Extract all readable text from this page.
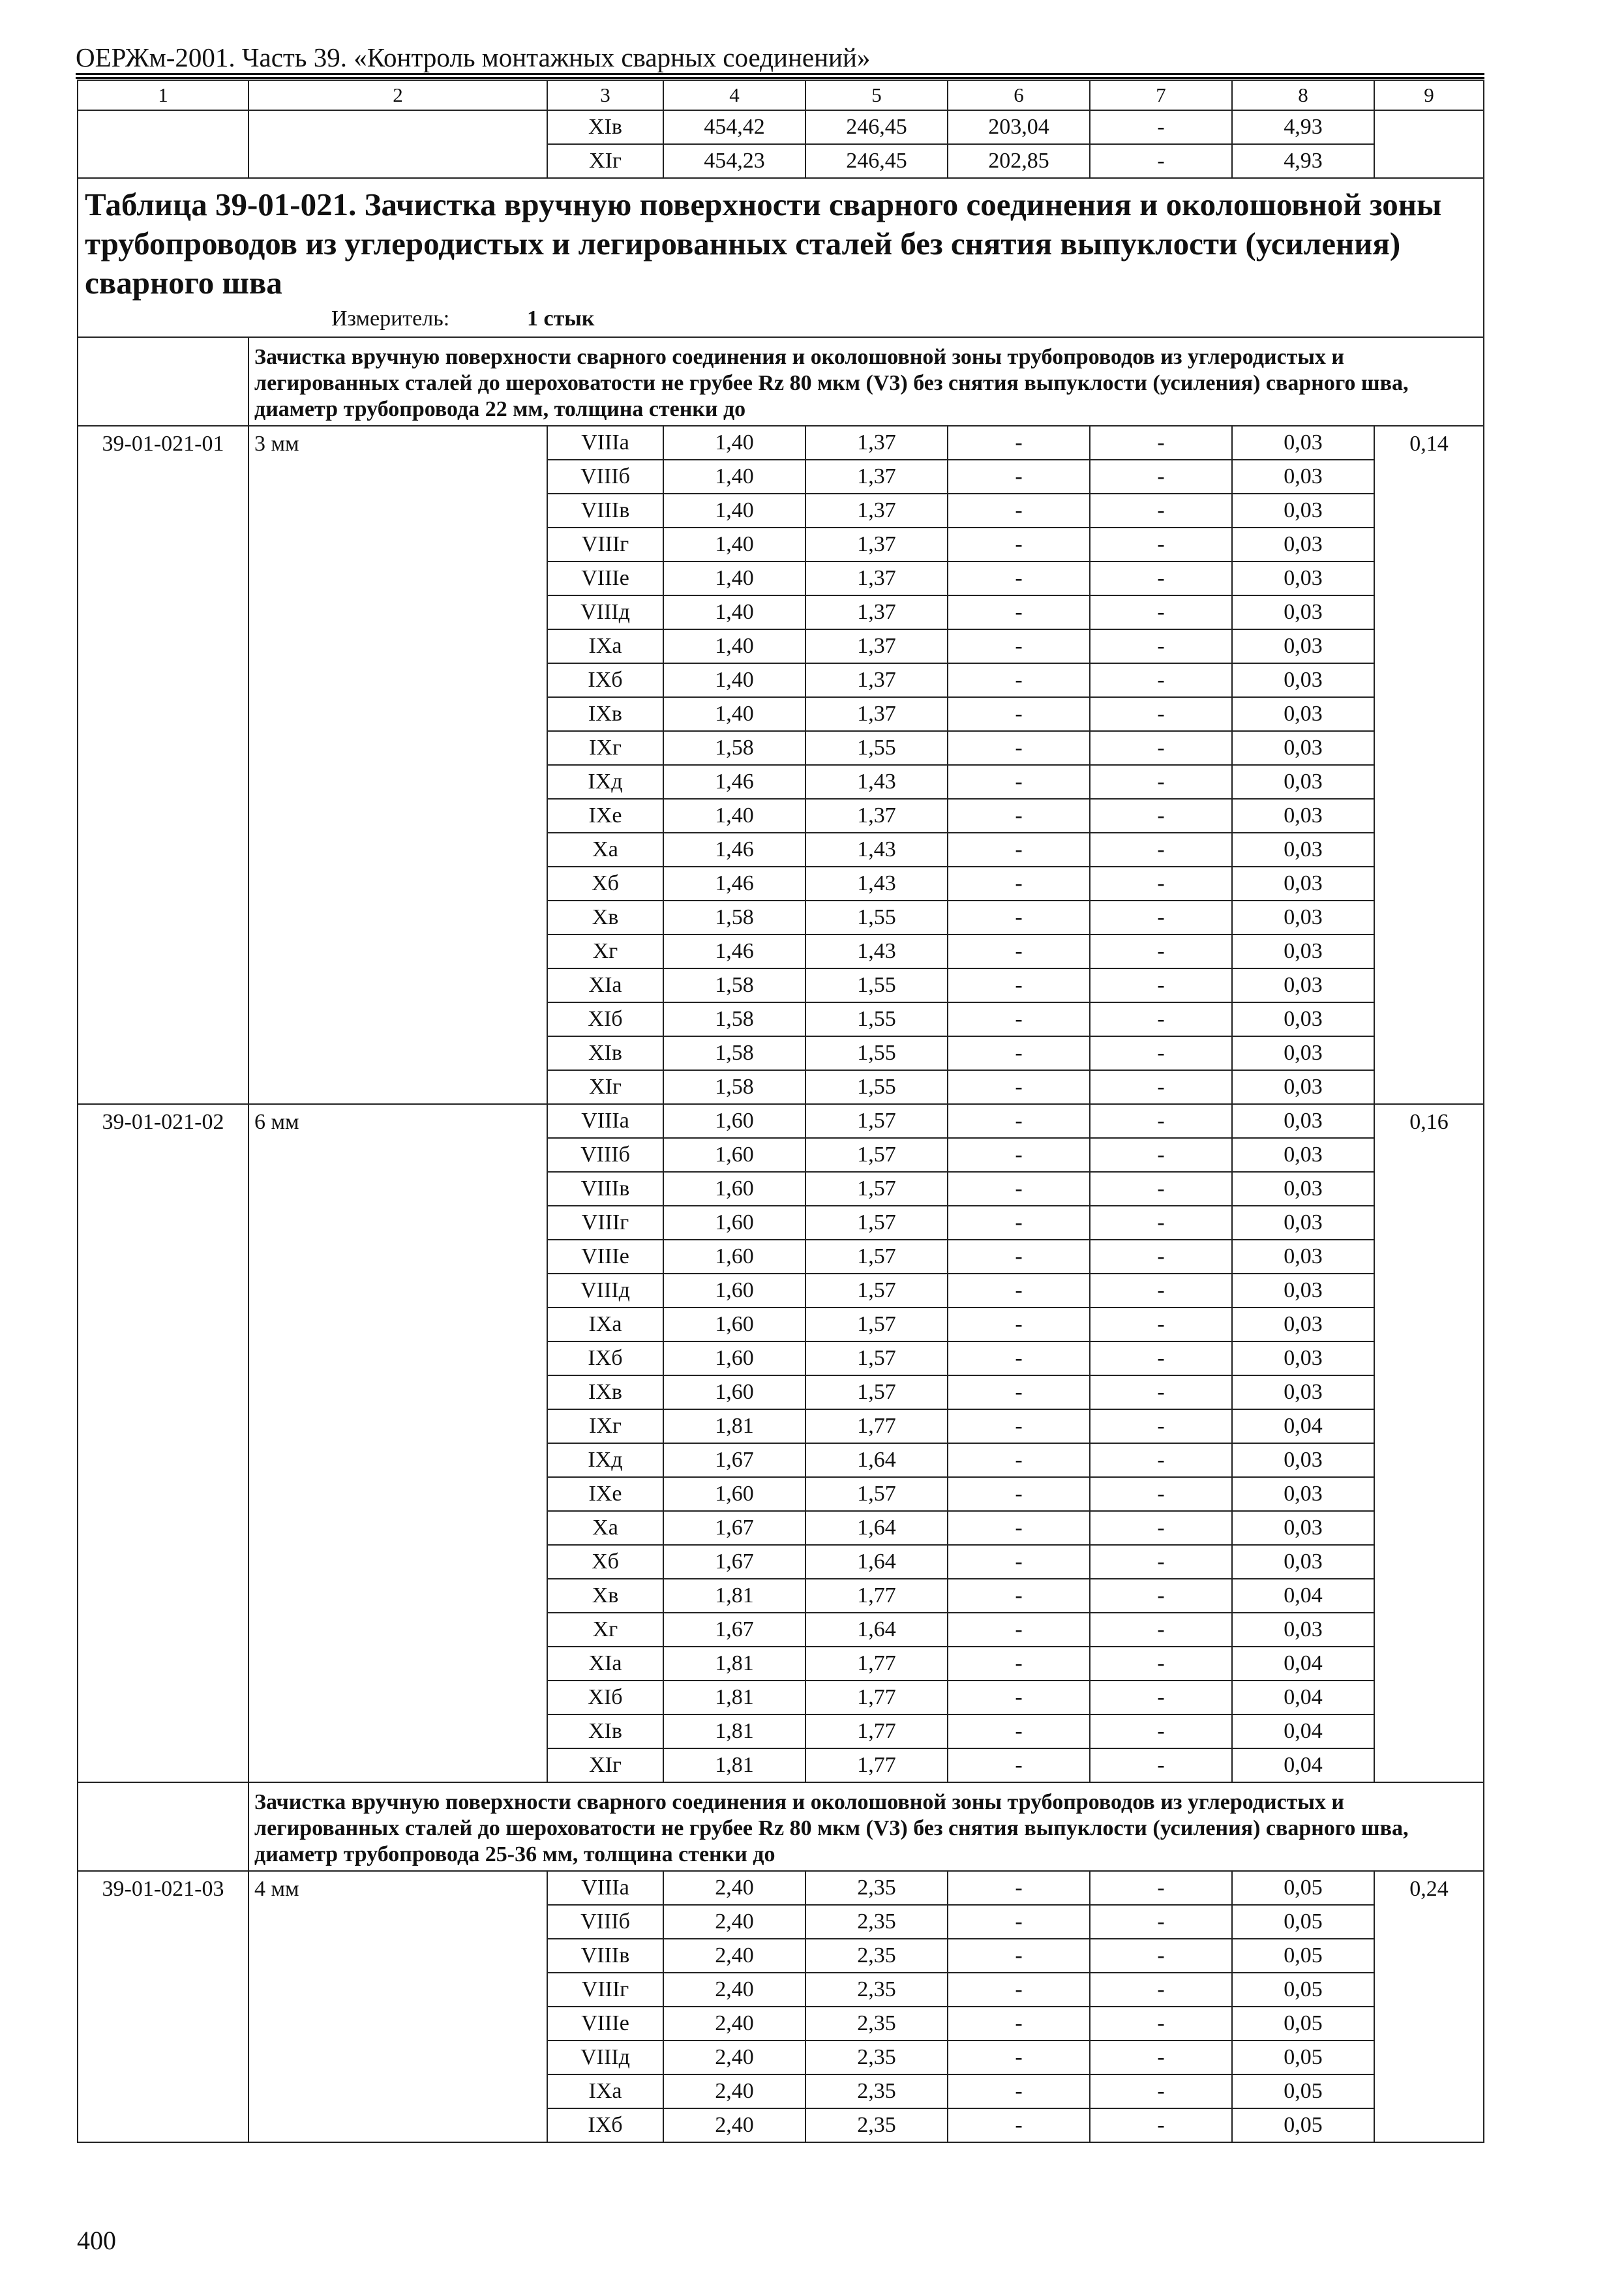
ОЕРЖм-2001. Часть 39. «Контроль монтажных сварных соединений»
1	2	3	4	5	6	7	8	9
		XIв	454,42	246,45	203,04	-	4,93	
		XIг	454,23	246,45	202,85	-	4,93	

Таблица 39-01-021. Зачистка вручную поверхности сварного соединения и околошовной зоны трубопроводов из углеродистых и легированных сталей без снятия выпуклости (усиления) сварного шва
Измеритель: 1 стык								

	Зачистка вручную поверхности сварного соединения и околошовной зоны трубопроводов из углеродистых и легированных сталей до шероховатости не грубее Rz 80 мкм (V3) без снятия выпуклости (усиления) сварного шва, диаметр трубопровода 22 мм, толщина стенки до							
39-01-021-01	3 мм	VIIIа	1,40	1,37	-	-	0,03	0,14
		VIIIб	1,40	1,37	-	-	0,03	
		VIIIв	1,40	1,37	-	-	0,03	
		VIIIг	1,40	1,37	-	-	0,03	
		VIIIе	1,40	1,37	-	-	0,03	
		VIIIд	1,40	1,37	-	-	0,03	
		IXа	1,40	1,37	-	-	0,03	
		IXб	1,40	1,37	-	-	0,03	
		IXв	1,40	1,37	-	-	0,03	
		IXг	1,58	1,55	-	-	0,03	
		IXд	1,46	1,43	-	-	0,03	
		IXе	1,40	1,37	-	-	0,03	
		Xа	1,46	1,43	-	-	0,03	
		Xб	1,46	1,43	-	-	0,03	
		Xв	1,58	1,55	-	-	0,03	
		Xг	1,46	1,43	-	-	0,03	
		XIа	1,58	1,55	-	-	0,03	
		XIб	1,58	1,55	-	-	0,03	
		XIв	1,58	1,55	-	-	0,03	
		XIг	1,58	1,55	-	-	0,03	
39-01-021-02	6 мм	VIIIа	1,60	1,57	-	-	0,03	0,16
		VIIIб	1,60	1,57	-	-	0,03	
		VIIIв	1,60	1,57	-	-	0,03	
		VIIIг	1,60	1,57	-	-	0,03	
		VIIIе	1,60	1,57	-	-	0,03	
		VIIIд	1,60	1,57	-	-	0,03	
		IXа	1,60	1,57	-	-	0,03	
		IXб	1,60	1,57	-	-	0,03	
		IXв	1,60	1,57	-	-	0,03	
		IXг	1,81	1,77	-	-	0,04	
		IXд	1,67	1,64	-	-	0,03	
		IXе	1,60	1,57	-	-	0,03	
		Xа	1,67	1,64	-	-	0,03	
		Xб	1,67	1,64	-	-	0,03	
		Xв	1,81	1,77	-	-	0,04	
		Xг	1,67	1,64	-	-	0,03	
		XIа	1,81	1,77	-	-	0,04	
		XIб	1,81	1,77	-	-	0,04	
		XIв	1,81	1,77	-	-	0,04	
		XIг	1,81	1,77	-	-	0,04	
	Зачистка вручную поверхности сварного соединения и околошовной зоны трубопроводов из углеродистых и легированных сталей до шероховатости не грубее Rz 80 мкм (V3) без снятия выпуклости (усиления) сварного шва, диаметр трубопровода 25-36 мм, толщина стенки до							
39-01-021-03	4 мм	VIIIа	2,40	2,35	-	-	0,05	0,24
		VIIIб	2,40	2,35	-	-	0,05	
		VIIIв	2,40	2,35	-	-	0,05	
		VIIIг	2,40	2,35	-	-	0,05	
		VIIIе	2,40	2,35	-	-	0,05	
		VIIIд	2,40	2,35	-	-	0,05	
		IXа	2,40	2,35	-	-	0,05	
		IXб	2,40	2,35	-	-	0,05	
400
